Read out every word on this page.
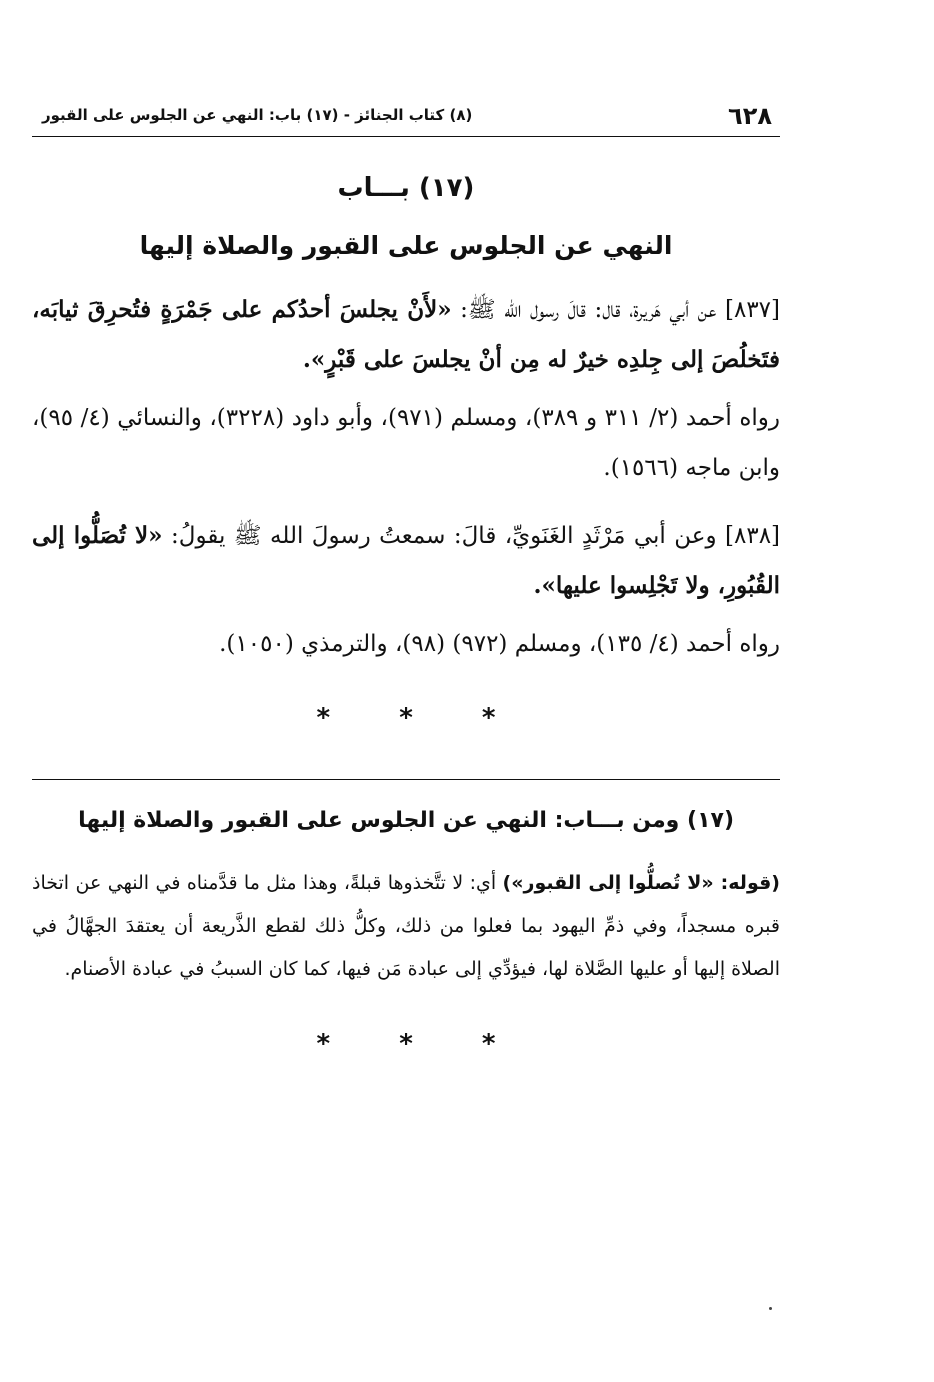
٦٢٨
(٨) كتاب الجنائز - (١٧) باب: النهي عن الجلوس على القبور
(١٧) بـــاب
النهي عن الجلوس على القبور والصلاة إليها
[٨٣٧] عن أبي هَريرة، قال: قالَ رسول الله ﷺ: «لأَنْ يجلسَ أحدُكم على جَمْرَةٍ فتُحرِقَ ثيابَه، فتَخلُصَ إلى جِلدِه خيرٌ له مِن أنْ يجلسَ على قَبْرٍ».
رواه أحمد (٢/ ٣١١ و ٣٨٩)، ومسلم (٩٧١)، وأبو داود (٣٢٢٨)، والنسائي (٤/ ٩٥)، وابن ماجه (١٥٦٦).
[٨٣٨] وعن أبي مَرْثَدٍ الغَنَويِّ، قالَ: سمعتُ رسولَ الله ﷺ يقولُ: «لا تُصَلُّوا إلى القُبُورِ، ولا تَجْلِسوا عليها».
رواه أحمد (٤/ ١٣٥)، ومسلم (٩٧٢) (٩٨)، والترمذي (١٠٥٠).
* * *
(١٧) ومن بـــاب: النهي عن الجلوس على القبور والصلاة إليها
(قوله: «لا تُصلُّوا إلى القبور») أي: لا تتَّخذوها قبلةً، وهذا مثل ما قدَّمناه في النهي عن اتخاذ قبره مسجداً، وفي ذمِّ اليهود بما فعلوا من ذلك، وكلُّ ذلك لقطع الذَّريعة أن يعتقدَ الجهَّالُ في الصلاة إليها أو عليها الصَّلاة لها، فيؤدِّي إلى عبادة مَن فيها، كما كان السببُ في عبادة الأصنام.
* * *
